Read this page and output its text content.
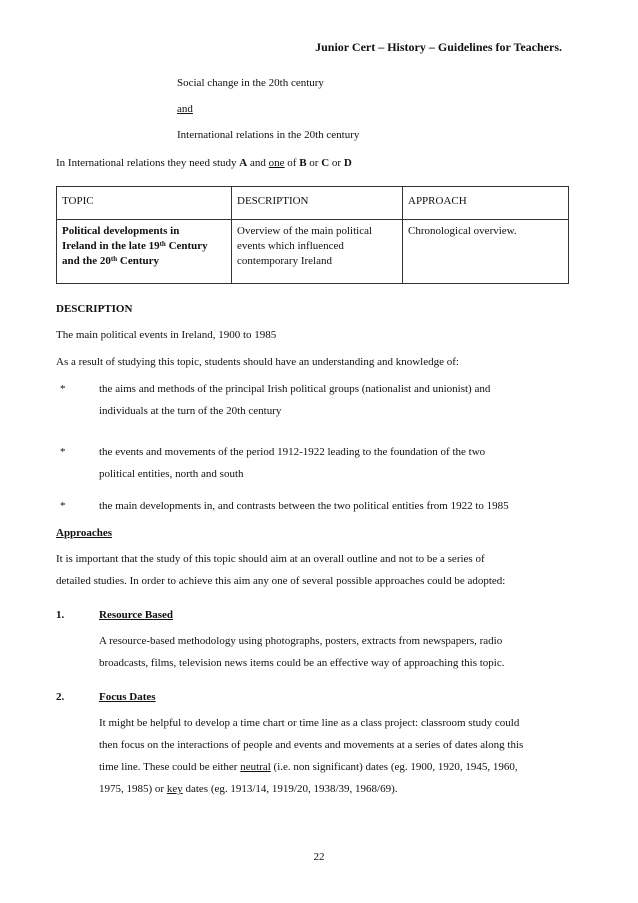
Junior Cert – History – Guidelines for Teachers.
Social change in the 20th century
and
International relations in the 20th century
In International relations they need study A and one of B or C or D
TOPIC	DESCRIPTION	APPROACH

Political developments in
Ireland in the late 19th Century
and the 20th Century	Overview of the main political events which influenced contemporary Ireland	Chronological overview.
DESCRIPTION
The main political events in Ireland, 1900 to 1985
As a result of studying this topic, students should have an understanding and knowledge of:
*	the aims and methods of the principal Irish political groups (nationalist and unionist) and
individuals at the turn of the 20th century
*	the events and movements of the period 1912-1922 leading to the foundation of the two
political entities, north and south
*	the main developments in, and contrasts between the two political entities from 1922 to 1985
Approaches
It is important that the study of this topic should aim at an overall outline and not to be a series of
detailed studies. In order to achieve this aim any one of several possible approaches could be adopted:
1.	Resource Based
A resource-based methodology using photographs, posters, extracts from newspapers, radio
broadcasts, films, television news items could be an effective way of approaching this topic.
2.	Focus Dates
It might be helpful to develop a time chart or time line as a class project: classroom study could
then focus on the interactions of people and events and movements at a series of dates along this
time line. These could be either neutral (i.e. non significant) dates (eg. 1900, 1920, 1945, 1960,
1975, 1985) or key dates (eg. 1913/14, 1919/20, 1938/39, 1968/69).
22
